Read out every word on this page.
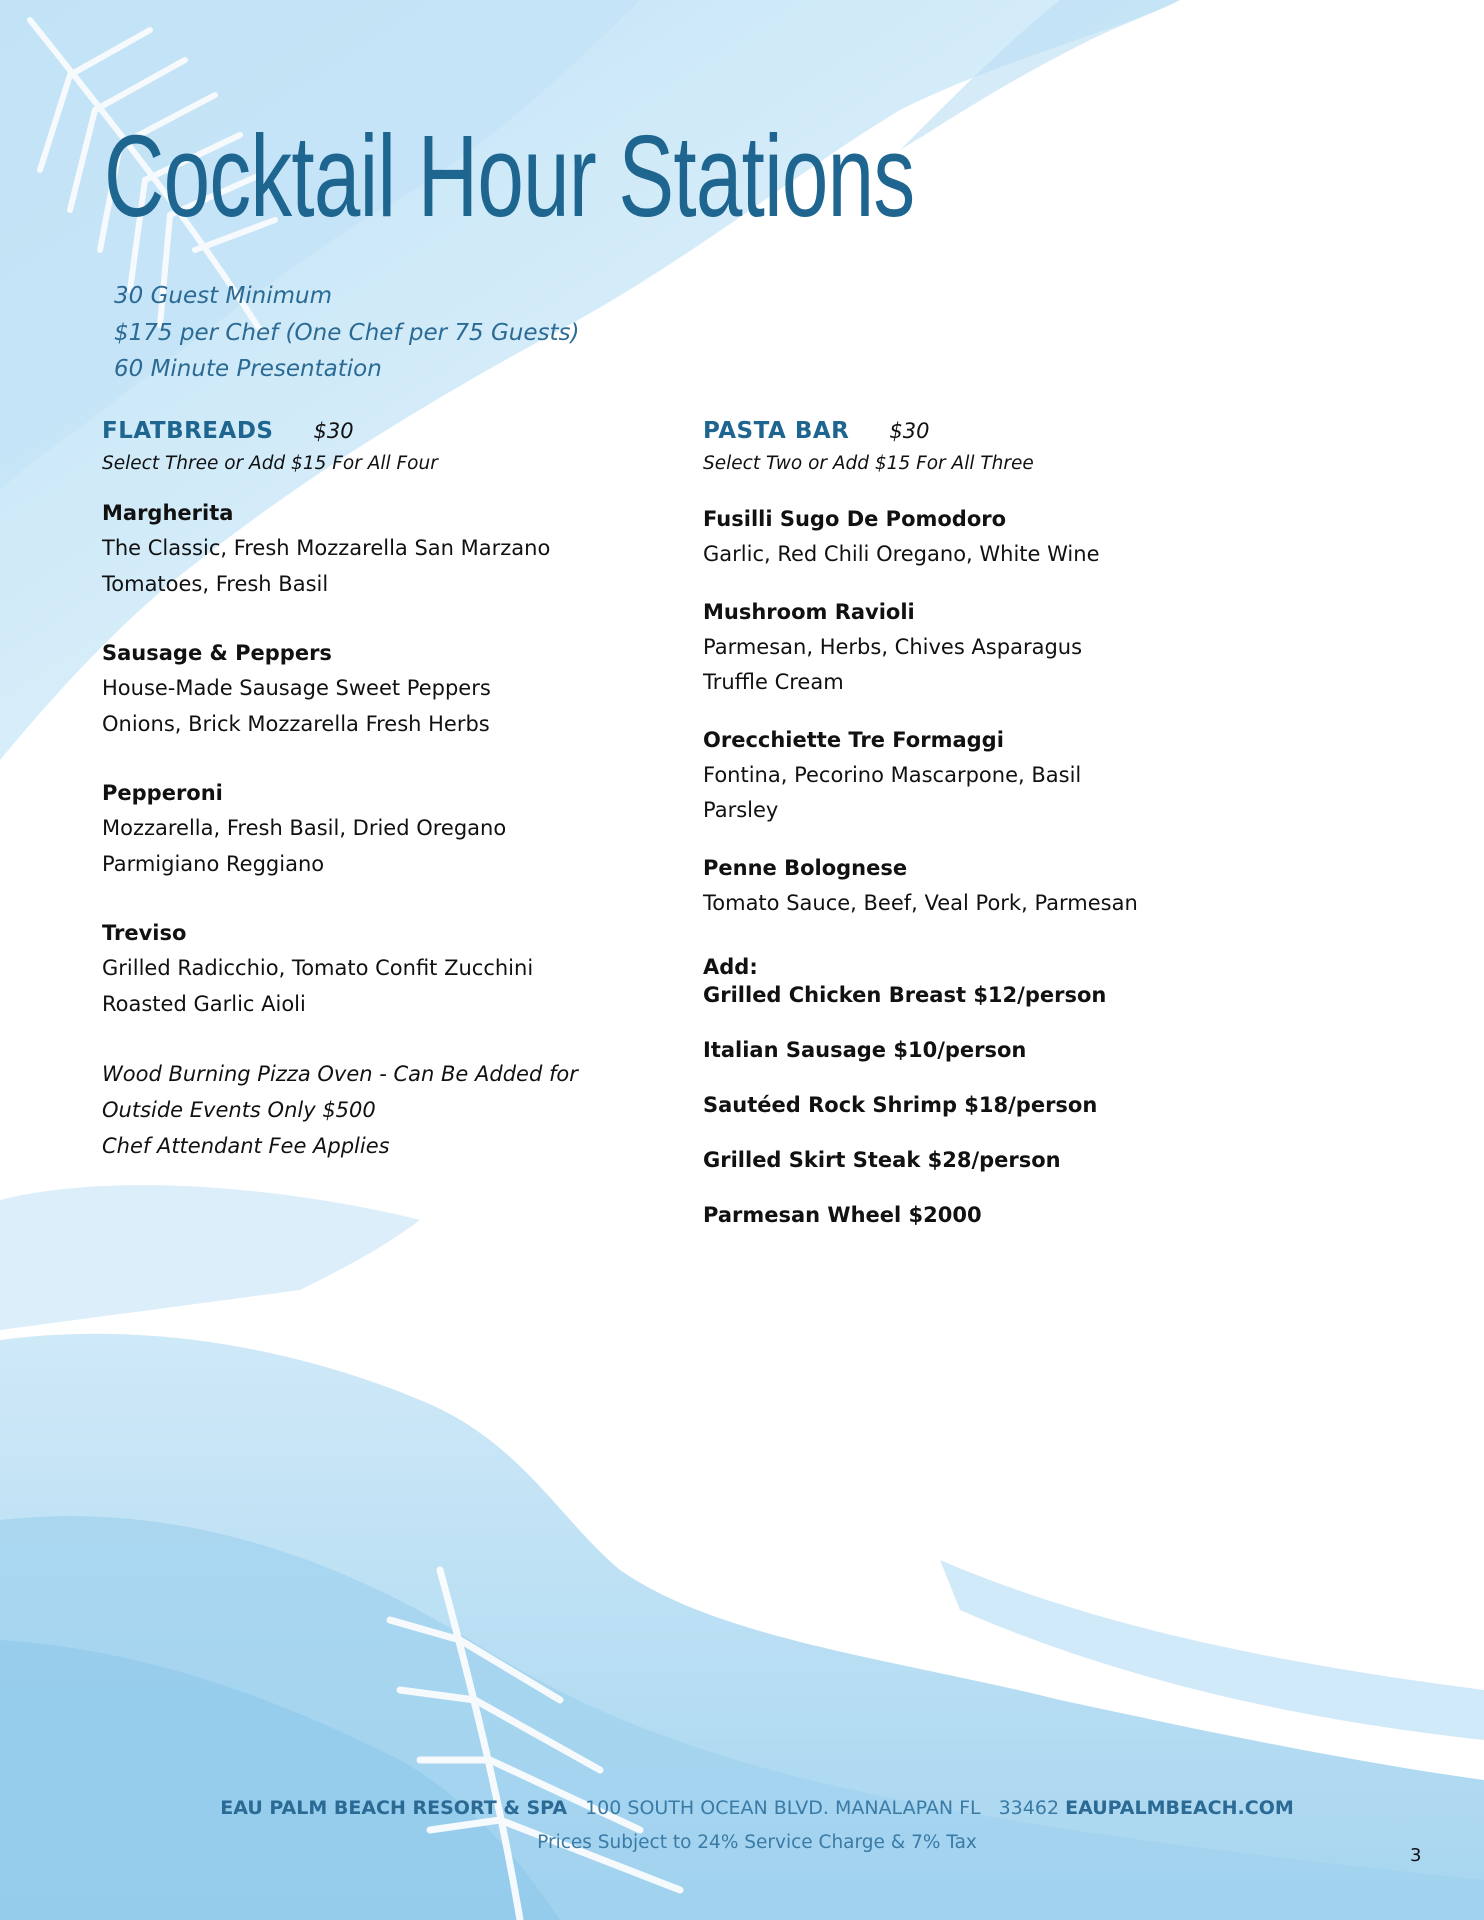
Cocktail Hour Stations
30 Guest Minimum
$175 per Chef (One Chef per 75 Guests)
60 Minute Presentation
FLATBREADS $30
Select Three or Add $15 For All Four
Margherita
The Classic, Fresh Mozzarella San Marzano
Tomatoes, Fresh Basil
Sausage & Peppers
House-Made Sausage Sweet Peppers
Onions, Brick Mozzarella Fresh Herbs
Pepperoni
Mozzarella, Fresh Basil, Dried Oregano
Parmigiano Reggiano
Treviso
Grilled Radicchio, Tomato Confit Zucchini
Roasted Garlic Aioli
Wood Burning Pizza Oven - Can Be Added for
Outside Events Only $500
Chef Attendant Fee Applies
PASTA BAR $30
Select Two or Add $15 For All Three
Fusilli Sugo De Pomodoro
Garlic, Red Chili Oregano, White Wine
Mushroom Ravioli
Parmesan, Herbs, Chives Asparagus
Truffle Cream
Orecchiette Tre Formaggi
Fontina, Pecorino Mascarpone, Basil
Parsley
Penne Bolognese
Tomato Sauce, Beef, Veal Pork, Parmesan
Add:
Grilled Chicken Breast $12/person
Italian Sausage $10/person
Sautéed Rock Shrimp $18/person
Grilled Skirt Steak $28/person
Parmesan Wheel $2000
EAU PALM BEACH RESORT & SPA 100 SOUTH OCEAN BLVD. MANALAPAN FL 33462 EAUPALMBEACH.COM
Prices Subject to 24% Service Charge & 7% Tax
3
